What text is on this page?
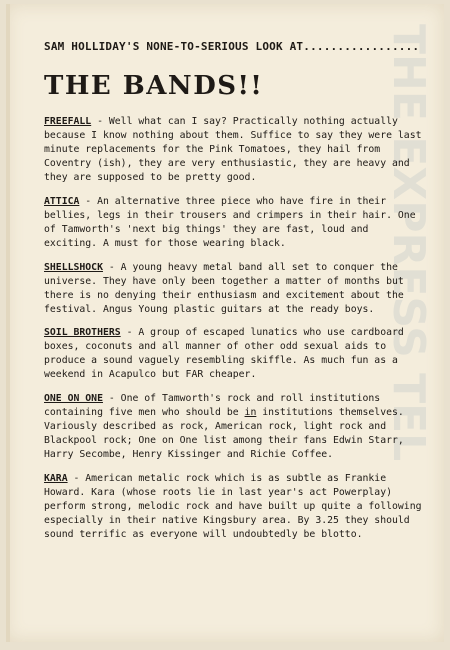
THE EXPRESS TEL
SAM HOLLIDAY'S NONE-TO-SERIOUS LOOK AT.................
THE BANDS!!

FREEFALL - Well what can I say? Practically nothing actually because I know nothing about them. Suffice to say they were last minute replacements for the Pink Tomatoes, they hail from Coventry (ish), they are very enthusiastic, they are heavy and they are supposed to be pretty good.

ATTICA - An alternative three piece who have fire in their bellies, legs in their trousers and crimpers in their hair. One of Tamworth's 'next big things' they are fast, loud and exciting. A must for those wearing black.

SHELLSHOCK - A young heavy metal band all set to conquer the universe. They have only been together a matter of months but there is no denying their enthusiasm and excitement about the festival. Angus Young plastic guitars at the ready boys.

SOIL BROTHERS - A group of escaped lunatics who use cardboard boxes, coconuts and all manner of other odd sexual aids to produce a sound vaguely resembling skiffle. As much fun as a weekend in Acapulco but FAR cheaper.

ONE ON ONE - One of Tamworth's rock and roll institutions containing five men who should be in institutions themselves. Variously described as rock, American rock, light rock and Blackpool rock; One on One list among their fans Edwin Starr, Harry Secombe, Henry Kissinger and Richie Coffee.

KARA - American metalic rock which is as subtle as Frankie Howard. Kara (whose roots lie in last year's act Powerplay) perform strong, melodic rock and have built up quite a following especially in their native Kingsbury area. By 3.25 they should sound terrific as everyone will undoubtedly be blotto.
